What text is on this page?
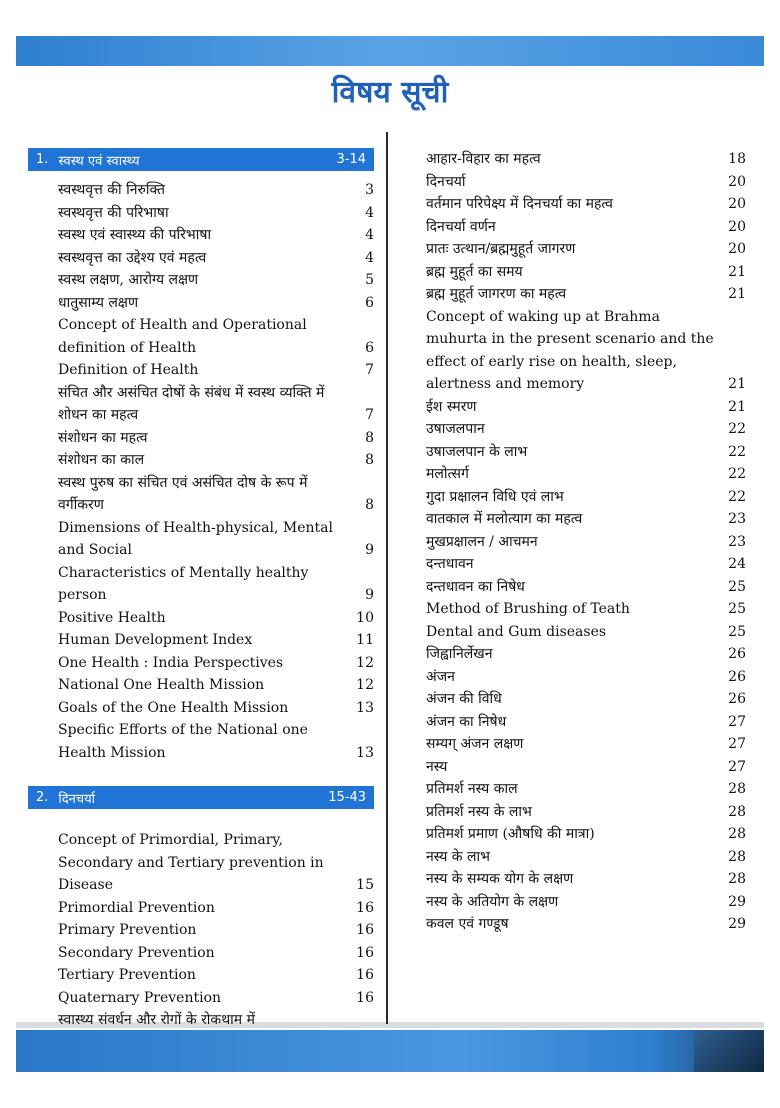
विषय सूची
1. स्वस्थ एवं स्वास्थ्य	3-14
स्वस्थवृत्त की निरुक्ति	3
स्वस्थवृत्त की परिभाषा	4
स्वस्थ एवं स्वास्थ्य की परिभाषा	4
स्वस्थवृत्त का उद्देश्य एवं महत्व	4
स्वस्थ लक्षण, आरोग्य लक्षण	5
धातुसाम्य लक्षण	6
Concept of Health and Operational definition of Health	6
Definition of Health	7
संचित और असंचित दोषों के संबंध में स्वस्थ व्यक्ति में शोधन का महत्व	7
संशोधन का महत्व	8
संशोधन का काल	8
स्वस्थ पुरुष का संचित एवं असंचित दोष के रूप में वर्गीकरण	8
Dimensions of Health-physical, Mental and Social	9
Characteristics of Mentally healthy person	9
Positive Health	10
Human Development Index	11
One Health : India Perspectives	12
National One Health Mission	12
Goals of the One Health Mission	13
Specific Efforts of the National one Health Mission	13
2. दिनचर्या	15-43
Concept of Primordial, Primary, Secondary and Tertiary prevention in Disease	15
Primordial Prevention	16
Primary Prevention	16
Secondary Prevention	16
Tertiary Prevention	16
Quaternary Prevention	16
स्वास्थ्य संवर्धन और रोगों के रोकथाम में
आहार-विहार का महत्व	18
दिनचर्या	20
वर्तमान परिपेक्ष्य में दिनचर्या का महत्व	20
दिनचर्या वर्णन	20
प्रातः उत्थान/ब्रह्ममुहूर्त जागरण	20
ब्रह्म मुहूर्त का समय	21
ब्रह्म मुहूर्त जागरण का महत्व	21
Concept of waking up at Brahma muhurta in the present scenario and the effect of early rise on health, sleep, alertness and memory	21
ईश स्मरण	21
उषाजलपान	22
उषाजलपान के लाभ	22
मलोत्सर्ग	22
गुदा प्रक्षालन विधि एवं लाभ	22
वातकाल में मलोत्याग का महत्व	23
मुखप्रक्षालन / आचमन	23
दन्तधावन	24
दन्तधावन का निषेध	25
Method of Brushing of Teath	25
Dental and Gum diseases	25
जिह्वानिर्लेखन	26
अंजन	26
अंजन की विधि	26
अंजन का निषेध	27
सम्यग् अंजन लक्षण	27
नस्य	27
प्रतिमर्श नस्य काल	28
प्रतिमर्श नस्य के लाभ	28
प्रतिमर्श प्रमाण (औषधि की मात्रा)	28
नस्य के लाभ	28
नस्य के सम्यक योग के लक्षण	28
नस्य के अतियोग के लक्षण	29
कवल एवं गण्डूष	29
